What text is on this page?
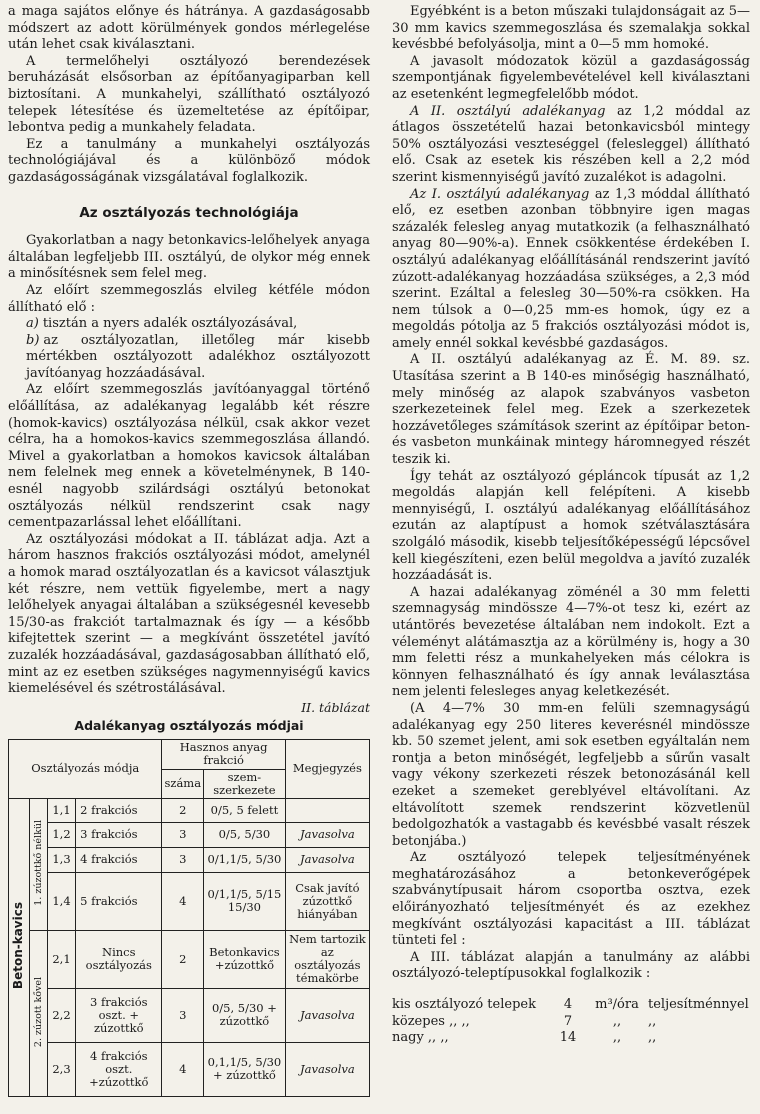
a maga sajátos előnye és hátránya. A gazdaságosabb módszert az adott körülmények gondos mérlegelése után lehet csak kiválasztani.

A termelőhelyi osztályozó berendezések beruházását elsősorban az építőanyagiparban kell biztosítani. A munkahelyi, szállítható osztályozó telepek létesítése és üzemeltetése az építőipar, lebontva pedig a munkahely feladata.

Ez a tanulmány a munkahelyi osztályozás technológiájával és a különböző módok gazdaságosságának vizsgálatával foglalkozik.

Az osztályozás technológiája

Gyakorlatban a nagy betonkavics-lelőhelyek anyaga általában legfeljebb III. osztályú, de olykor még ennek a minősítésnek sem felel meg.

Az előírt szemmegoszlás elvileg kétféle módon állítható elő :

a) tisztán a nyers adalék osztályozásával,

b) az osztályozatlan, illetőleg már kisebb mértékben osztályozott adalékhoz osztályozott javítóanyag hozzáadásával.

Az előírt szemmegoszlás javítóanyaggal történő előállítása, az adalékanyag legalább két részre (homok-kavics) osztályozása nélkül, csak akkor vezet célra, ha a homokos-kavics szemmegoszlása állandó. Mivel a gyakorlatban a homokos kavicsok általában nem felelnek meg ennek a követelménynek, B 140-esnél nagyobb szilárdsági osztályú betonokat osztályozás nélkül rendszerint csak nagy cementpazarlással lehet előállítani.

Az osztályozási módokat a II. táblázat adja. Azt a három hasznos frakciós osztályozási módot, amelynél a homok marad osztályozatlan és a kavicsot választjuk két részre, nem vettük figyelembe, mert a nagy lelőhelyek anyagai általában a szükségesnél kevesebb 15/30-as frakciót tartalmaznak és így — a később kifejtettek szerint — a megkívánt összetétel javító zuzalék hozzáadásával, gazdaságosabban állítható elő, mint az ez esetben szükséges nagymennyiségű kavics kiemelésével és szétrostálásával.

II. táblázat
Adalékanyag osztályozás módjai
Osztályozás módja				Hasznos anyag frakció		Megjegyzés
				száma	szem-szerkezete	
Beton-kavics	1. zúzottkő nélkül	1,1	2 frakciós	2	0/5, 5 felett	
		1,2	3 frakciós	3	0/5, 5/30	Javasolva
		1,3	4 frakciós	3	0/1,1/5, 5/30	Javasolva
		1,4	5 frakciós	4	0/1,1/5, 5/15 15/30	Csak javító zúzottkő hiányában
	2. zúzott kővel	2,1	Nincs osztályozás	2	Betonkavics +zúzottkő	Nem tartozik az osztályozás témakörbe
		2,2	3 frakciós oszt. + zúzottkő	3	0/5, 5/30 + zúzottkő	Javasolva
		2,3	4 frakciós oszt. +zúzottkő	4	0,1,1/5, 5/30 + zúzottkő	Javasolva

Egyébként is a beton műszaki tulajdonságait az 5—30 mm kavics szemmegoszlása és szemalakja sokkal kevésbbé befolyásolja, mint a 0—5 mm homoké.

A javasolt módozatok közül a gazdaságosság szempontjának figyelembevételével kell kiválasztani az esetenként legmegfelelőbb módot.

A II. osztályú adalékanyag az 1,2 móddal az átlagos összetételű hazai betonkavicsból mintegy 50% osztályozási veszteséggel (felesleggel) állítható elő. Csak az esetek kis részében kell a 2,2 mód szerint kismennyiségű javító zuzalékot is adagolni.

Az I. osztályú adalékanyag az 1,3 móddal állítható elő, ez esetben azonban többnyire igen magas százalék felesleg anyag mutatkozik (a felhasználható anyag 80—90%-a). Ennek csökkentése érdekében I. osztályú adalékanyag előállításánál rendszerint javító zúzott-adalékanyag hozzáadása szükséges, a 2,3 mód szerint. Ezáltal a felesleg 30—50%-ra csökken. Ha nem túlsok a 0—0,25 mm-es homok, úgy ez a megoldás pótolja az 5 frakciós osztályozási módot is, amely ennél sokkal kevésbbé gazdaságos.

A II. osztályú adalékanyag az É. M. 89. sz. Utasítása szerint a B 140-es minőségig használható, mely minőség az alapok szabványos vasbeton szerkezeteinek felel meg. Ezek a szerkezetek hozzávetőleges számítások szerint az építőipar beton- és vasbeton munkáinak mintegy háromnegyed részét teszik ki.

Így tehát az osztályozó gépláncok típusát az 1,2 megoldás alapján kell felépíteni. A kisebb mennyiségű, I. osztályú adalékanyag előállításához ezután az alaptípust a homok szétválasztására szolgáló második, kisebb teljesítőképességű lépcsővel kell kiegészíteni, ezen belül megoldva a javító zuzalék hozzáadását is.

A hazai adalékanyag zöménél a 30 mm feletti szemnagyság mindössze 4—7%-ot tesz ki, ezért az utántörés bevezetése általában nem indokolt. Ezt a véleményt alátámasztja az a körülmény is, hogy a 30 mm feletti rész a munkahelyeken más célokra is könnyen felhasználható és így annak leválasztása nem jelenti felesleges anyag keletkezését.

(A 4—7% 30 mm-en felüli szemnagyságú adalékanyag egy 250 literes keverésnél mindössze kb. 50 szemet jelent, ami sok esetben egyáltalán nem rontja a beton minőségét, legfeljebb a sűrűn vasalt vagy vékony szerkezeti részek betonozásánál kell ezeket a szemeket gereblyével eltávolítani. Az eltávolított szemek rendszerint közvetlenül bedolgozhatók a vastagabb és kevésbbé vasalt részek betonjába.)

Az osztályozó telepek teljesítményének meghatározásához a betonkeverőgépek szabványtípusait három csoportba osztva, ezek előirányozható teljesítményét és az ezekhez megkívánt osztályozási kapacitást a III. táblázat tünteti fel :

A III. táblázat alapján a tanulmány az alábbi osztályozó-teleptípusokkal foglalkozik :

kis osztályozó telepek	4	m³/óra teljesítménnyel
közepes ,, ,,	7	,,	,,
nagy ,, ,,	14	,,	,,
